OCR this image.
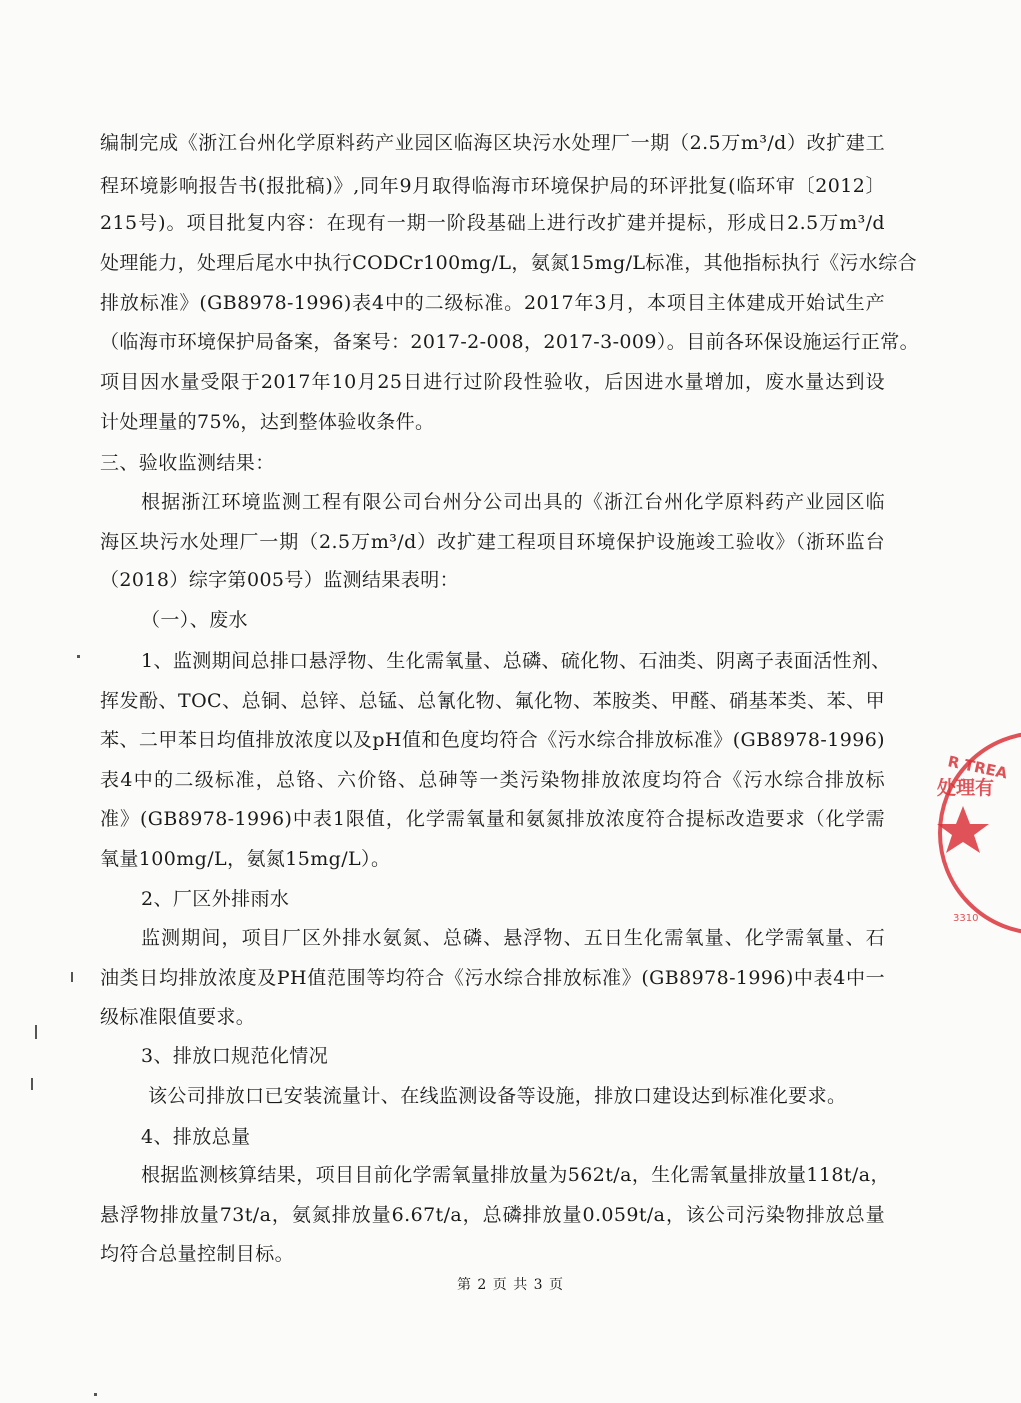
编制完成《浙江台州化学原料药产业园区临海区块污水处理厂一期（2.5万m³/d）改扩建工
程环境影响报告书(报批稿)》,同年9月取得临海市环境保护局的环评批复(临环审〔2012〕
215号)。项目批复内容：在现有一期一阶段基础上进行改扩建并提标，形成日2.5万m³/d
处理能力，处理后尾水中执行CODCr100mg/L，氨氮15mg/L标准，其他指标执行《污水综合
排放标准》(GB8978-1996)表4中的二级标准。2017年3月，本项目主体建成开始试生产
（临海市环境保护局备案，备案号：2017-2-008，2017-3-009）。目前各环保设施运行正常。
项目因水量受限于2017年10月25日进行过阶段性验收，后因进水量增加，废水量达到设
计处理量的75%，达到整体验收条件。
三、验收监测结果：
根据浙江环境监测工程有限公司台州分公司出具的《浙江台州化学原料药产业园区临
海区块污水处理厂一期（2.5万m³/d）改扩建工程项目环境保护设施竣工验收》（浙环监台
（2018）综字第005号）监测结果表明：
（一）、废水
1、监测期间总排口悬浮物、生化需氧量、总磷、硫化物、石油类、阴离子表面活性剂、
挥发酚、TOC、总铜、总锌、总锰、总氰化物、氟化物、苯胺类、甲醛、硝基苯类、苯、甲
苯、二甲苯日均值排放浓度以及pH值和色度均符合《污水综合排放标准》(GB8978-1996)
表4中的二级标准，总铬、六价铬、总砷等一类污染物排放浓度均符合《污水综合排放标
准》(GB8978-1996)中表1限值，化学需氧量和氨氮排放浓度符合提标改造要求（化学需
氧量100mg/L，氨氮15mg/L）。
2、厂区外排雨水
监测期间，项目厂区外排水氨氮、总磷、悬浮物、五日生化需氧量、化学需氧量、石
油类日均排放浓度及PH值范围等均符合《污水综合排放标准》(GB8978-1996)中表4中一
级标准限值要求。
3、排放口规范化情况
该公司排放口已安装流量计、在线监测设备等设施，排放口建设达到标准化要求。
4、排放总量
根据监测核算结果，项目目前化学需氧量排放量为562t/a，生化需氧量排放量118t/a，
悬浮物排放量73t/a，氨氮排放量6.67t/a，总磷排放量0.059t/a，该公司污染物排放总量
均符合总量控制目标。
第 2 页 共 3 页
R TREA
处理有
3310
